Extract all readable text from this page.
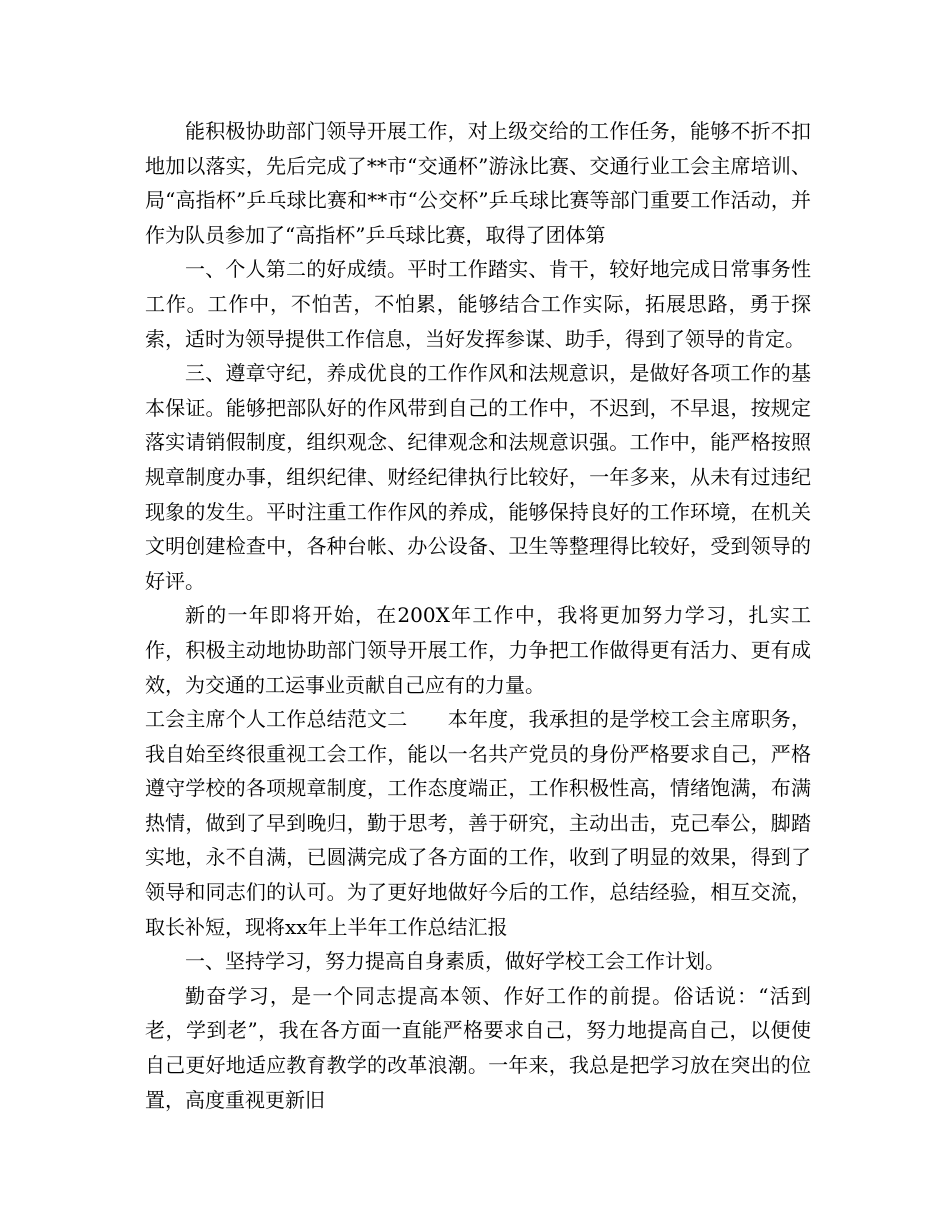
能积极协助部门领导开展工作，对上级交给的工作任务，能够不折不扣地加以落实，先后完成了**市“交通杯”游泳比赛、交通行业工会主席培训、局“高指杯”乒乓球比赛和**市“公交杯”乒乓球比赛等部门重要工作活动，并作为队员参加了“高指杯”乒乓球比赛，取得了团体第

一、个人第二的好成绩。平时工作踏实、肯干，较好地完成日常事务性工作。工作中，不怕苦，不怕累，能够结合工作实际，拓展思路，勇于探索，适时为领导提供工作信息，当好发挥参谋、助手，得到了领导的肯定。

三、遵章守纪，养成优良的工作作风和法规意识，是做好各项工作的基本保证。能够把部队好的作风带到自己的工作中，不迟到，不早退，按规定落实请销假制度，组织观念、纪律观念和法规意识强。工作中，能严格按照规章制度办事，组织纪律、财经纪律执行比较好，一年多来，从未有过违纪现象的发生。平时注重工作作风的养成，能够保持良好的工作环境，在机关文明创建检查中，各种台帐、办公设备、卫生等整理得比较好，受到领导的好评。

新的一年即将开始，在200X年工作中，我将更加努力学习，扎实工作，积极主动地协助部门领导开展工作，力争把工作做得更有活力、更有成效，为交通的工运事业贡献自己应有的力量。

工会主席个人工作总结范文二　　本年度，我承担的是学校工会主席职务，我自始至终很重视工会工作，能以一名共产党员的身份严格要求自己，严格遵守学校的各项规章制度，工作态度端正，工作积极性高，情绪饱满，布满热情，做到了早到晚归，勤于思考，善于研究，主动出击，克己奉公，脚踏实地，永不自满，已圆满完成了各方面的工作，收到了明显的效果，得到了领导和同志们的认可。为了更好地做好今后的工作，总结经验，相互交流，取长补短，现将xx年上半年工作总结汇报

一、坚持学习，努力提高自身素质，做好学校工会工作计划。

勤奋学习，是一个同志提高本领、作好工作的前提。俗话说：“活到老，学到老”，我在各方面一直能严格要求自己，努力地提高自己，以便使自己更好地适应教育教学的改革浪潮。一年来，我总是把学习放在突出的位置，高度重视更新旧
